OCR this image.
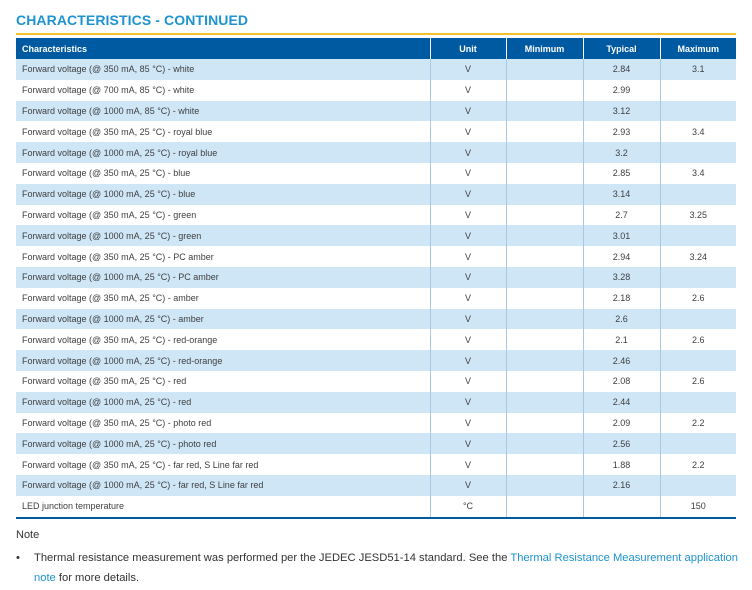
CHARACTERISTICS - CONTINUED
Characteristics	Unit	Minimum	Typical	Maximum
Forward voltage (@ 350 mA, 85 °C) - white	V		2.84	3.1
Forward voltage (@ 700 mA, 85 °C) - white	V		2.99	
Forward voltage (@ 1000 mA, 85 °C) - white	V		3.12	
Forward voltage (@ 350 mA, 25 °C) - royal blue	V		2.93	3.4
Forward voltage (@ 1000 mA, 25 °C) - royal blue	V		3.2	
Forward voltage (@ 350 mA, 25 °C) - blue	V		2.85	3.4
Forward voltage (@ 1000 mA, 25 °C) - blue	V		3.14	
Forward voltage (@ 350 mA, 25 °C) - green	V		2.7	3.25
Forward voltage (@ 1000 mA, 25 °C) - green	V		3.01	
Forward voltage (@ 350 mA, 25 °C) - PC amber	V		2.94	3.24
Forward voltage (@ 1000 mA, 25 °C) - PC amber	V		3.28	
Forward voltage (@ 350 mA, 25 °C) - amber	V		2.18	2.6
Forward voltage (@ 1000 mA, 25 °C) - amber	V		2.6	
Forward voltage (@ 350 mA, 25 °C) - red-orange	V		2.1	2.6
Forward voltage (@ 1000 mA, 25 °C) - red-orange	V		2.46	
Forward voltage (@ 350 mA, 25 °C) - red	V		2.08	2.6
Forward voltage (@ 1000 mA, 25 °C) - red	V		2.44	
Forward voltage (@ 350 mA, 25 °C) - photo red	V		2.09	2.2
Forward voltage (@ 1000 mA, 25 °C) - photo red	V		2.56	
Forward voltage (@ 350 mA, 25 °C) - far red, S Line far red	V		1.88	2.2
Forward voltage (@ 1000 mA, 25 °C) - far red, S Line far red	V		2.16	
LED junction temperature	°C			150
Note
• Thermal resistance measurement was performed per the JEDEC JESD51-14 standard. See the Thermal Resistance Measurement application note for more details.
